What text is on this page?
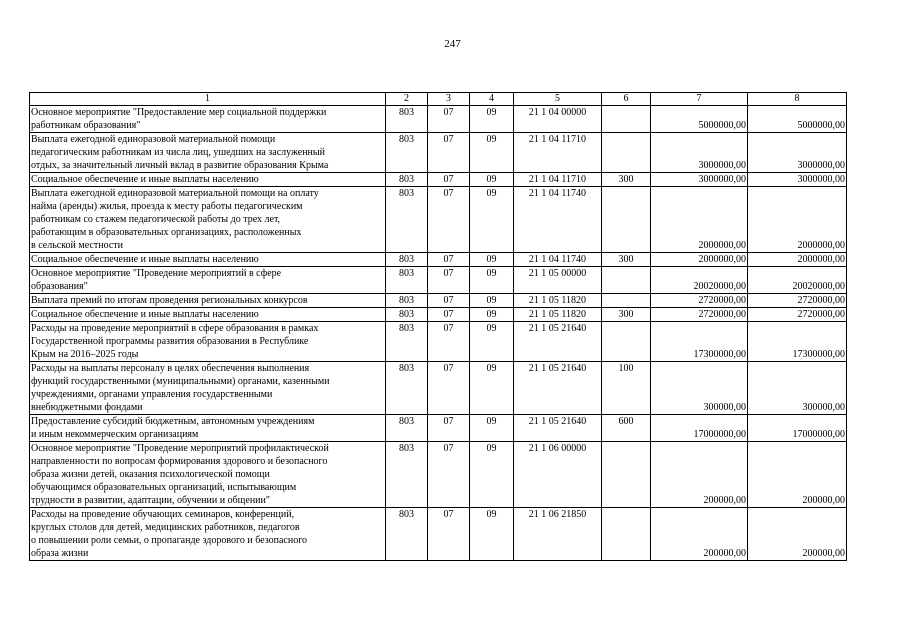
247
1	2	3	4	5	6	7	8
Основное мероприятие "Предоставление мер социальной поддержки
работникам образования"	803	07	09	21 1 04 00000		5000000,00	5000000,00
Выплата ежегодной единоразовой материальной помощи
педагогическим работникам из числа лиц, ушедших на заслуженный
отдых, за значительный личный вклад в развитие образования Крыма	803	07	09	21 1 04 11710		3000000,00	3000000,00
Социальное обеспечение и иные выплаты населению	803	07	09	21 1 04 11710	300	3000000,00	3000000,00
Выплата ежегодной единоразовой материальной помощи на оплату
найма (аренды) жилья, проезда к месту работы педагогическим
работникам со стажем педагогической работы до трех лет,
работающим в образовательных организациях, расположенных
в сельской местности	803	07	09	21 1 04 11740		2000000,00	2000000,00
Социальное обеспечение и иные выплаты населению	803	07	09	21 1 04 11740	300	2000000,00	2000000,00
Основное мероприятие "Проведение мероприятий в сфере
образования"	803	07	09	21 1 05 00000		20020000,00	20020000,00
Выплата премий по итогам проведения региональных конкурсов	803	07	09	21 1 05 11820		2720000,00	2720000,00
Социальное обеспечение и иные выплаты населению	803	07	09	21 1 05 11820	300	2720000,00	2720000,00
Расходы на проведение мероприятий в сфере образования в рамках
Государственной программы развития образования в Республике
Крым на 2016–2025 годы	803	07	09	21 1 05 21640		17300000,00	17300000,00
Расходы на выплаты персоналу в целях обеспечения выполнения
функций государственными (муниципальными) органами, казенными
учреждениями, органами управления государственными
внебюджетными фондами	803	07	09	21 1 05 21640	100	300000,00	300000,00
Предоставление субсидий бюджетным, автономным учреждениям
и иным некоммерческим организациям	803	07	09	21 1 05 21640	600	17000000,00	17000000,00
Основное мероприятие "Проведение мероприятий профилактической
направленности по вопросам формирования здорового и безопасного
образа жизни детей, оказания психологической помощи
обучающимся образовательных организаций, испытывающим
трудности в развитии, адаптации, обучении и общении"	803	07	09	21 1 06 00000		200000,00	200000,00
Расходы на проведение обучающих семинаров, конференций,
круглых столов для детей, медицинских работников, педагогов
о повышении роли семьи, о пропаганде здорового и безопасного
образа жизни	803	07	09	21 1 06 21850		200000,00	200000,00
